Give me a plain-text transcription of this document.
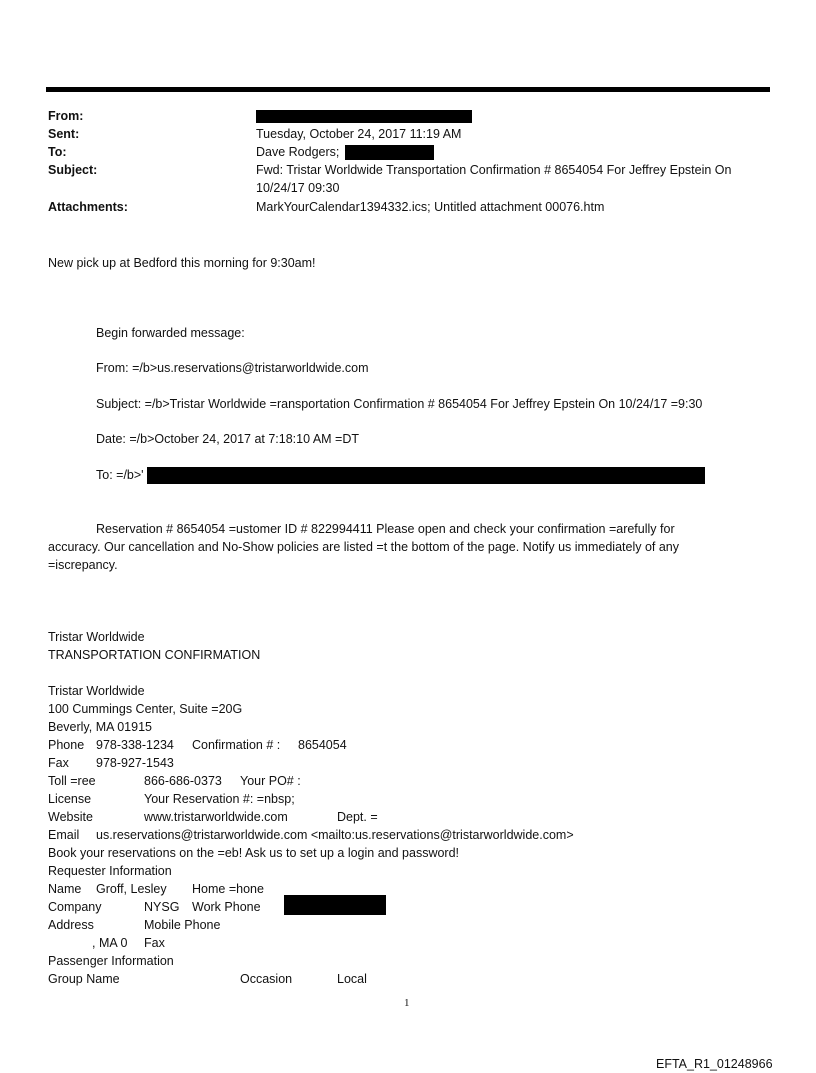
From:
Sent:	Tuesday, October 24, 2017 11:19 AM
To:	Dave Rodgers;
Subject:	Fwd: Tristar Worldwide Transportation Confirmation # 8654054 For Jeffrey Epstein On
10/24/17 09:30
Attachments:	MarkYourCalendar1394332.ics; Untitled attachment 00076.htm
New pick up at Bedford this morning for 9:30am!
Begin forwarded message:
From: =/b>us.reservations@tristarworldwide.com
Subject: =/b>Tristar Worldwide =ransportation Confirmation # 8654054 For Jeffrey Epstein On 10/24/17 =9:30
Date: =/b>October 24, 2017 at 7:18:10 AM =DT
To: =/b>'
Reservation # 8654054 =ustomer ID # 822994411 Please open and check your confirmation =arefully for
accuracy. Our cancellation and No-Show policies are listed =t the bottom of the page. Notify us immediately of any
=iscrepancy.
Tristar Worldwide
TRANSPORTATION CONFIRMATION
Tristar Worldwide
100 Cummings Center, Suite =20G
Beverly, MA 01915
Phone 978-338-1234 Confirmation # : 8654054
Fax 978-927-1543
Toll =ree	866-686-0373 Your PO# :
License	Your Reservation #: =nbsp;
Website	www.tristarworldwide.com	Dept. =
Email us.reservations@tristarworldwide.com <mailto:us.reservations@tristarworldwide.com>
Book your reservations on the =eb! Ask us to set up a login and password!
Requester Information
Name Groff, Lesley Home =hone
Company	NYSG Work Phone
Address	Mobile Phone
, MA 0 Fax
Passenger Information
Group Name	Occasion	Local
1
EFTA_R1_01248966
